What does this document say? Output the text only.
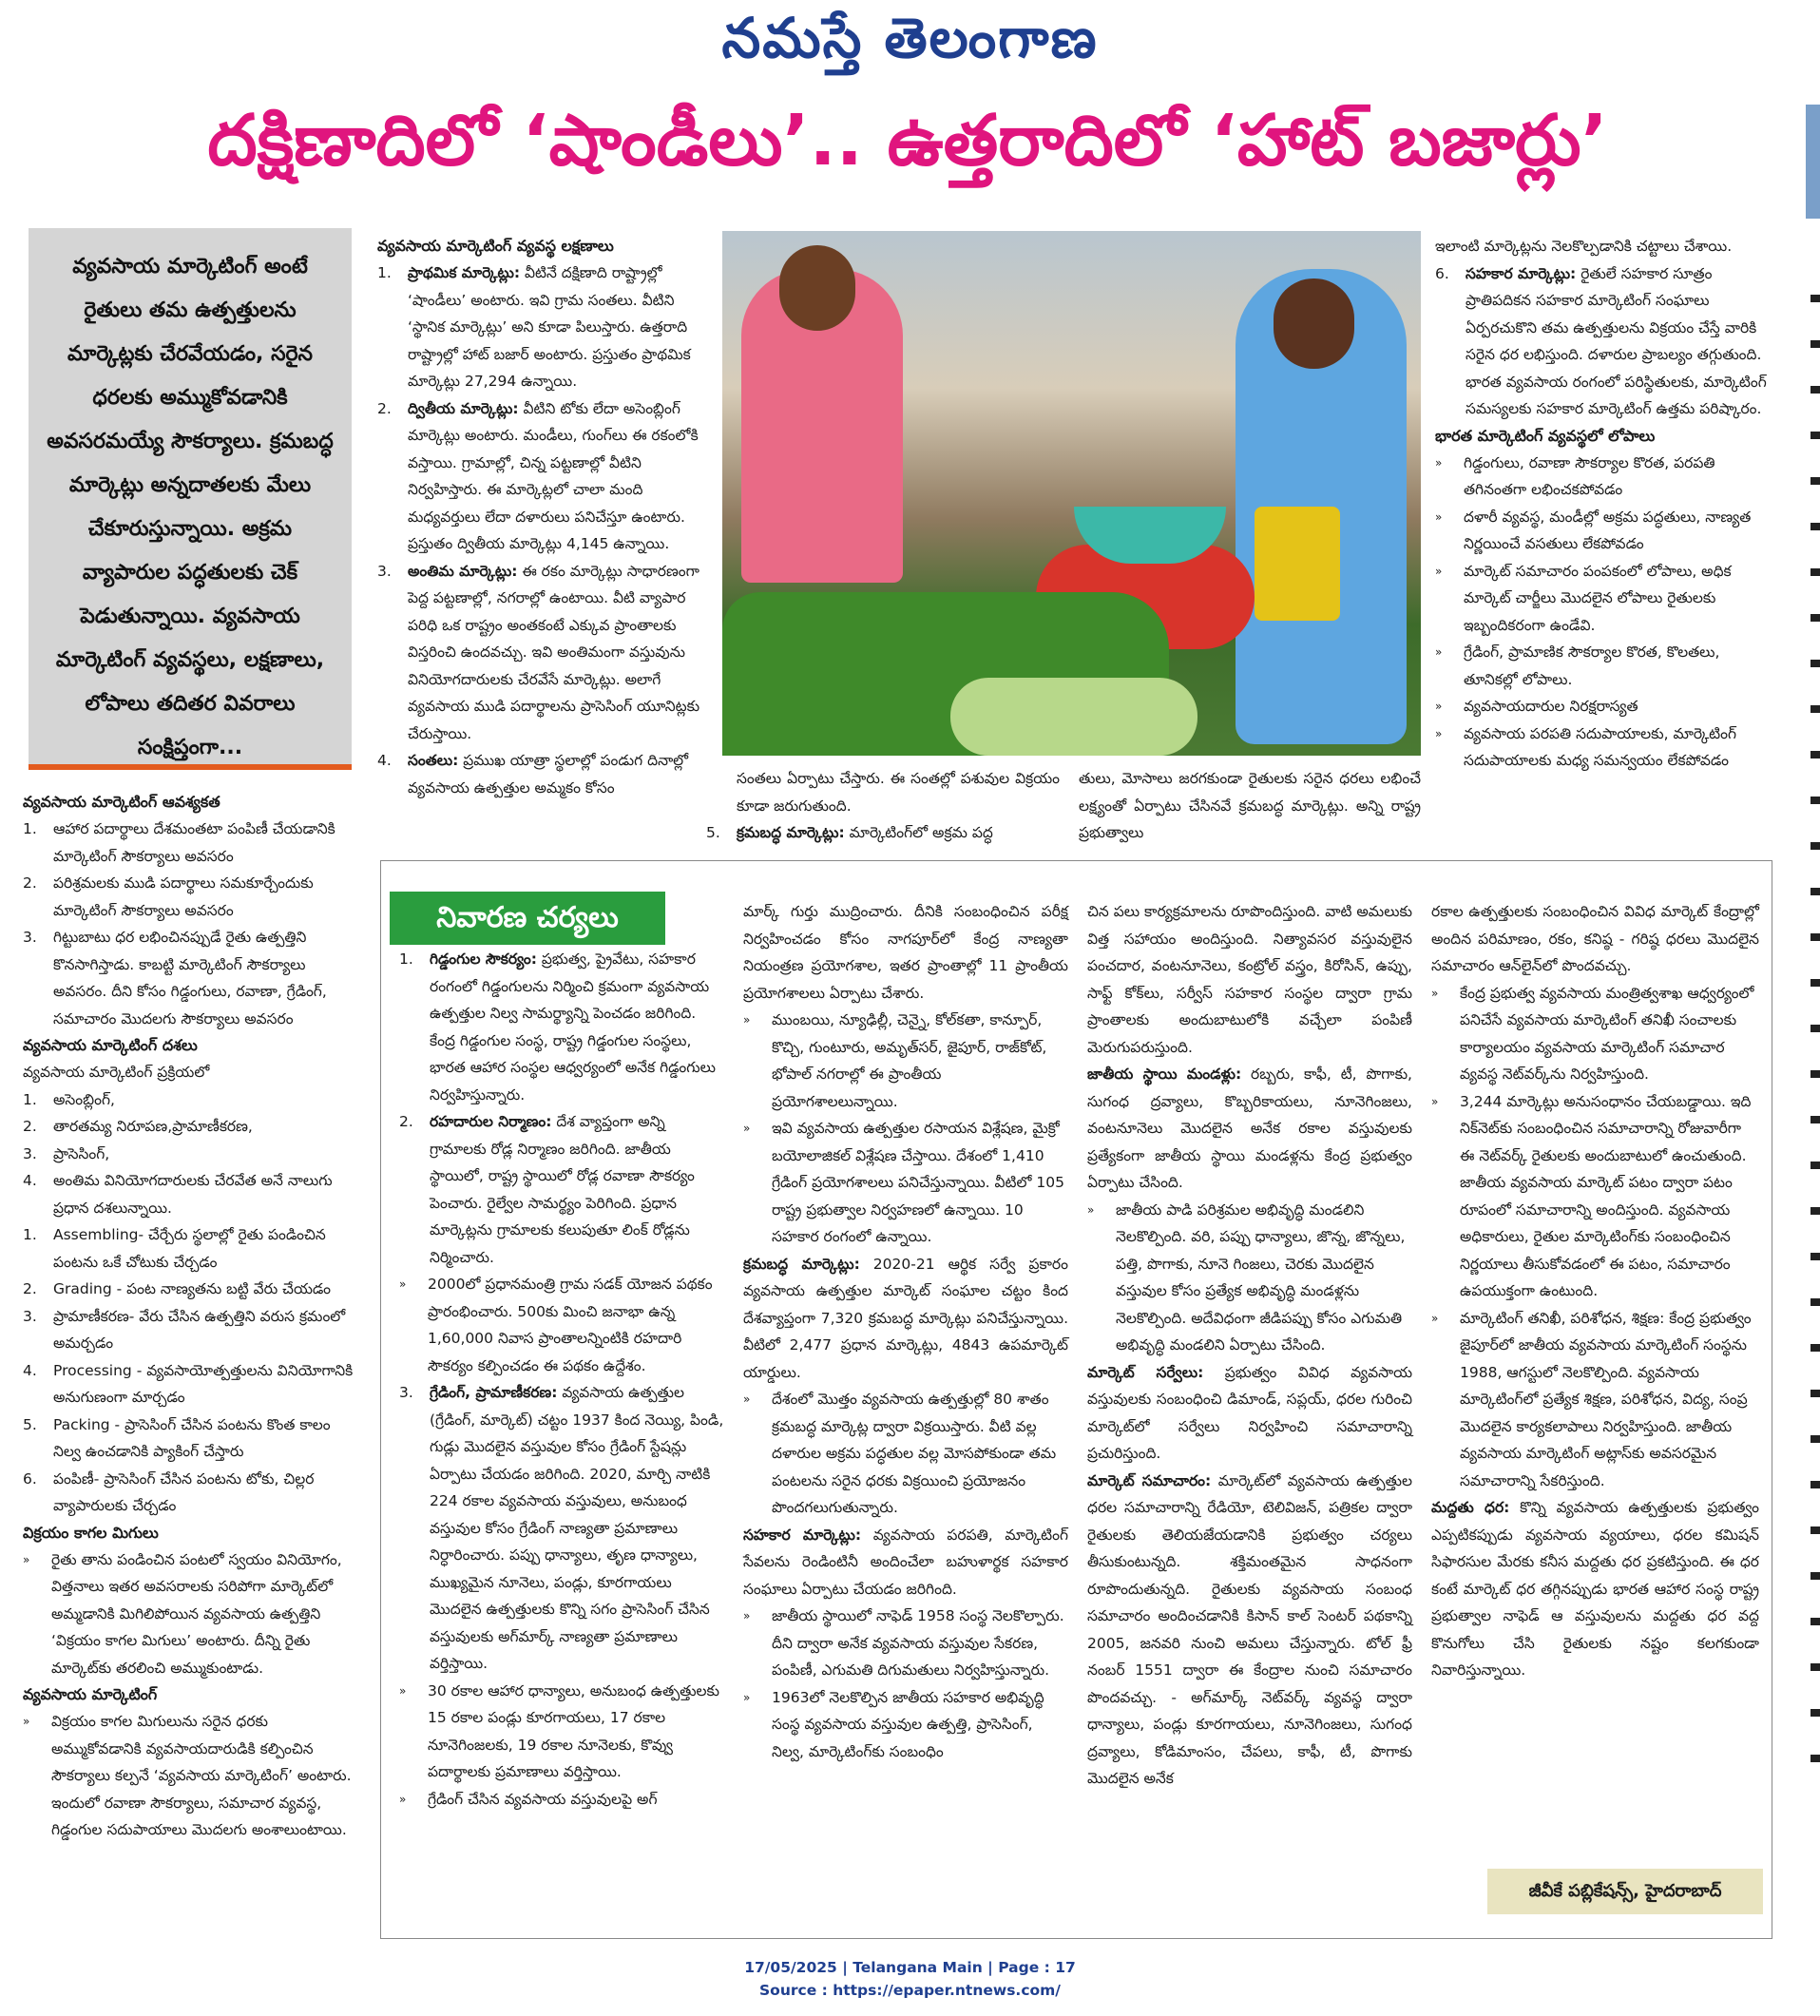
నమస్తే తెలంగాణ
దక్షిణాదిలో ‘షాండీలు’.. ఉత్తరాదిలో ‘హాట్ బజార్లు’
వ్యవసాయ మార్కెటింగ్ అంటే రైతులు తమ ఉత్పత్తులను మార్కెట్లకు చేరవేయడం, సరైన ధరలకు అమ్ముకోవడానికి అవసరమయ్యే సౌకర్యాలు. క్రమబద్ధ మార్కెట్లు అన్నదాతలకు మేలు చేకూరుస్తున్నాయి. అక్రమ వ్యాపారుల పద్ధతులకు చెక్ పెడుతున్నాయి. వ్యవసాయ మార్కెటింగ్ వ్యవస్థలు, లక్షణాలు, లోపాలు తదితర వివరాలు సంక్షిప్తంగా...
వ్యవసాయ మార్కెటింగ్ ఆవశ్యకత
1.	ఆహార పదార్థాలు దేశమంతటా పంపిణీ చేయడానికి మార్కెటింగ్ సౌకర్యాలు అవసరం
2.	పరిశ్రమలకు ముడి పదార్థాలు సమకూర్చేందుకు మార్కెటింగ్ సౌకర్యాలు అవసరం
3.	గిట్టుబాటు ధర లభించినప్పుడే రైతు ఉత్పత్తిని కొనసాగిస్తాడు. కాబట్టి మార్కెటింగ్ సౌకర్యాలు అవసరం. దీని కోసం గిడ్డంగులు, రవాణా, గ్రేడింగ్, సమాచారం మొదలగు సౌకర్యాలు అవసరం
వ్యవసాయ మార్కెటింగ్ దశలు

వ్యవసాయ మార్కెటింగ్ ప్రక్రియలో

1.	అసెంబ్లింగ్,
2.	తారతమ్య నిరూపణ,ప్రామాణీకరణ,
3.	ప్రాసెసింగ్,
4.	అంతిమ వినియోగదారులకు చేరవేత అనే నాలుగు ప్రధాన దశలున్నాయి.
1.	Assembling- చేర్చేరు స్థలాల్లో రైతు పండించిన పంటను ఒకే చోటుకు చేర్చడం
2.	Grading - పంట నాణ్యతను బట్టి వేరు చేయడం
3.	ప్రామాణీకరణ- వేరు చేసిన ఉత్పత్తిని వరుస క్రమంలో అమర్చడం
4.	Processing - వ్యవసాయోత్పత్తులను వినియోగానికి అనుగుణంగా మార్చడం
5.	Packing - ప్రాసెసింగ్ చేసిన పంటను కొంత కాలం నిల్వ ఉంచడానికి ప్యాకింగ్ చేస్తారు
6.	పంపిణీ- ప్రాసెసింగ్ చేసిన పంటను టోకు, చిల్లర వ్యాపారులకు చేర్చడం
విక్రయం కాగల మిగులు
»	రైతు తాను పండించిన పంటలో స్వయం వినియోగం, విత్తనాలు ఇతర అవసరాలకు సరిపోగా మార్కెట్‌లో అమ్మడానికి మిగిలిపోయిన వ్యవసాయ ఉత్పత్తిని ‘విక్రయం కాగల మిగులు’ అంటారు. దీన్ని రైతు మార్కెట్‌కు తరలించి అమ్ముకుంటాడు.
వ్యవసాయ మార్కెటింగ్
»	విక్రయం కాగల మిగులును సరైన ధరకు అమ్ముకోవడానికి వ్యవసాయదారుడికి కల్పించిన సౌకర్యాలు కల్పనే ‘వ్యవసాయ మార్కెటింగ్’ అంటారు. ఇందులో రవాణా సౌకర్యాలు, సమాచార వ్యవస్థ, గిడ్డంగుల సదుపాయాలు మొదలగు అంశాలుంటాయి.
వ్యవసాయ మార్కెటింగ్ వ్యవస్థ లక్షణాలు
1.	ప్రాథమిక మార్కెట్లు: వీటినే దక్షిణాది రాష్ట్రాల్లో ‘షాండీలు’ అంటారు. ఇవి గ్రామ సంతలు. వీటిని ‘స్థానిక మార్కెట్లు’ అని కూడా పిలుస్తారు. ఉత్తరాది రాష్ట్రాల్లో హాట్ బజార్ అంటారు. ప్రస్తుతం ప్రాథమిక మార్కెట్లు 27,294 ఉన్నాయి.
2.	ద్వితీయ మార్కెట్లు: వీటిని టోకు లేదా అసెంబ్లింగ్ మార్కెట్లు అంటారు. మండీలు, గుంగ్‌లు ఈ రకంలోకి వస్తాయి. గ్రామాల్లో, చిన్న పట్టణాల్లో వీటిని నిర్వహిస్తారు. ఈ మార్కెట్లలో చాలా మంది మధ్యవర్తులు లేదా దళారులు పనిచేస్తూ ఉంటారు. ప్రస్తుతం ద్వితీయ మార్కెట్లు 4,145 ఉన్నాయి.
3.	అంతిమ మార్కెట్లు: ఈ రకం మార్కెట్లు సాధారణంగా పెద్ద పట్టణాల్లో, నగరాల్లో ఉంటాయి. వీటి వ్యాపార పరిధి ఒక రాష్ట్రం అంతకంటే ఎక్కువ ప్రాంతాలకు విస్తరించి ఉందవచ్చు. ఇవి అంతిమంగా వస్తువును వినియోగదారులకు చేరవేసే మార్కెట్లు. అలాగే వ్యవసాయ ముడి పదార్థాలను ప్రాసెసింగ్ యూనిట్లకు చేరుస్తాయి.
4.	సంతలు: ప్రముఖ యాత్రా స్థలాల్లో పండుగ దినాల్లో వ్యవసాయ ఉత్పత్తుల అమ్మకం కోసం

సంతలు ఏర్పాటు చేస్తారు. ఈ సంతల్లో పశువుల విక్రయం కూడా జరుగుతుంది.

5.	క్రమబద్ధ మార్కెట్లు: మార్కెటింగ్‌లో అక్రమ పద్ధ

తులు, మోసాలు జరగకుండా రైతులకు సరైన ధరలు లభించే లక్ష్యంతో ఏర్పాటు చేసినవే క్రమబద్ధ మార్కెట్లు. అన్ని రాష్ట్ర ప్రభుత్వాలు

ఇలాంటి మార్కెట్లను నెలకొల్పడానికి చట్టాలు చేశాయి.

6.	సహకార మార్కెట్లు: రైతులే సహకార సూత్రం ప్రాతిపదికన సహకార మార్కెటింగ్ సంఘాలు ఏర్పరచుకొని తమ ఉత్పత్తులను విక్రయం చేస్తే వారికి సరైన ధర లభిస్తుంది. దళారుల ప్రాబల్యం తగ్గుతుంది. భారత వ్యవసాయ రంగంలో పరిస్థితులకు, మార్కెటింగ్ సమస్యలకు సహకార మార్కెటింగ్ ఉత్తమ పరిష్కారం.
భారత మార్కెటింగ్ వ్యవస్థలో లోపాలు
»	గిడ్డంగులు, రవాణా సౌకర్యాల కొరత, పరపతి తగినంతగా లభించకపోవడం
»	దళారీ వ్యవస్థ, మండీల్లో అక్రమ పద్ధతులు, నాణ్యత నిర్ణయించే వసతులు లేకపోవడం
»	మార్కెట్ సమాచారం పంపకంలో లోపాలు, అధిక మార్కెట్ చార్జీలు మొదలైన లోపాలు రైతులకు ఇబ్బందికరంగా ఉండేవి.
»	గ్రేడింగ్, ప్రామాణిక సౌకర్యాల కొరత, కొలతలు, తూనికల్లో లోపాలు.
»	వ్యవసాయదారుల నిరక్షరాస్యత
»	వ్యవసాయ పరపతి సదుపాయాలకు, మార్కెటింగ్ సదుపాయాలకు మధ్య సమన్వయం లేకపోవడం
నివారణ చర్యలు
1.	గిడ్డంగుల సౌకర్యం: ప్రభుత్వ, ప్రైవేటు, సహకార రంగంలో గిడ్డంగులను నిర్మించి క్రమంగా వ్యవసాయ ఉత్పత్తుల నిల్వ సామర్థ్యాన్ని పెంచడం జరిగింది. కేంద్ర గిడ్డంగుల సంస్థ, రాష్ట్ర గిడ్డంగుల సంస్థలు, భారత ఆహార సంస్థల ఆధ్వర్యంలో అనేక గిడ్డంగులు నిర్వహిస్తున్నారు.
2.	రహదారుల నిర్మాణం: దేశ వ్యాప్తంగా అన్ని గ్రామాలకు రోడ్ల నిర్మాణం జరిగింది. జాతీయ స్థాయిలో, రాష్ట్ర స్థాయిలో రోడ్ల రవాణా సౌకర్యం పెంచారు. రైల్వేల సామర్థ్యం పెరిగింది. ప్రధాన మార్కెట్లను గ్రామాలకు కలుపుతూ లింక్ రోడ్లను నిర్మించారు.
»	2000లో ప్రధానమంత్రి గ్రామ సడక్ యోజన పథకం ప్రారంభించారు. 500కు మించి జనాభా ఉన్న 1,60,000 నివాస ప్రాంతాలన్నింటికి రహదారి సౌకర్యం కల్పించడం ఈ పథకం ఉద్దేశం.
3.	గ్రేడింగ్, ప్రామాణీకరణ: వ్యవసాయ ఉత్పత్తుల (గ్రేడింగ్, మార్కెట్) చట్టం 1937 కింద నెయ్యి, పిండి, గుడ్లు మొదలైన వస్తువుల కోసం గ్రేడింగ్ స్టేషన్లు ఏర్పాటు చేయడం జరిగింది. 2020, మార్చి నాటికి 224 రకాల వ్యవసాయ వస్తువులు, అనుబంధ వస్తువుల కోసం గ్రేడింగ్ నాణ్యతా ప్రమాణాలు నిర్ధారించారు. పప్పు ధాన్యాలు, తృణ ధాన్యాలు, ముఖ్యమైన నూనెలు, పండ్లు, కూరగాయలు మొదలైన ఉత్పత్తులకు కొన్ని సగం ప్రాసెసింగ్ చేసిన వస్తువులకు అగ్‌మార్క్ నాణ్యతా ప్రమాణాలు వర్తిస్తాయి.
»	30 రకాల ఆహార ధాన్యాలు, అనుబంధ ఉత్పత్తులకు 15 రకాల పండ్లు కూరగాయలు, 17 రకాల నూనెగింజలకు, 19 రకాల నూనెలకు, కొవ్వు పదార్థాలకు ప్రమాణాలు వర్తిస్తాయి.
»	గ్రేడింగ్ చేసిన వ్యవసాయ వస్తువులపై అగ్

మార్క్ గుర్తు ముద్రించారు. దీనికి సంబంధించిన పరీక్ష నిర్వహించడం కోసం నాగపూర్‌లో కేంద్ర నాణ్యతా నియంత్రణ ప్రయోగశాల, ఇతర ప్రాంతాల్లో 11 ప్రాంతీయ ప్రయోగశాలలు ఏర్పాటు చేశారు.

»	ముంబయి, న్యూఢిల్లీ, చెన్నై, కోల్‌కతా, కాన్పూర్, కొచ్చి, గుంటూరు, అమృత్‌సర్, జైపూర్, రాజ్‌కోట్, భోపాల్ నగరాల్లో ఈ ప్రాంతీయ ప్రయోగశాలలున్నాయి.
»	ఇవి వ్యవసాయ ఉత్పత్తుల రసాయన విశ్లేషణ, మైక్రో బయోలాజికల్ విశ్లేషణ చేస్తాయి. దేశంలో 1,410 గ్రేడింగ్ ప్రయోగశాలలు పనిచేస్తున్నాయి. వీటిలో 105 రాష్ట్ర ప్రభుత్వాల నిర్వహణలో ఉన్నాయి. 10 సహకార రంగంలో ఉన్నాయి.

క్రమబద్ధ మార్కెట్లు: 2020-21 ఆర్థిక సర్వే ప్రకారం వ్యవసాయ ఉత్పత్తుల మార్కెట్ సంఘాల చట్టం కింద దేశవ్యాప్తంగా 7,320 క్రమబద్ధ మార్కెట్లు పనిచేస్తున్నాయి. వీటిలో 2,477 ప్రధాన మార్కెట్లు, 4843 ఉపమార్కెట్ యార్డులు.

»	దేశంలో మొత్తం వ్యవసాయ ఉత్పత్తుల్లో 80 శాతం క్రమబద్ధ మార్కెట్ల ద్వారా విక్రయిస్తారు. వీటి వల్ల దళారుల అక్రమ పద్ధతుల వల్ల మోసపోకుండా తమ పంటలను సరైన ధరకు విక్రయించి ప్రయోజనం పొందగలుగుతున్నారు.

సహకార మార్కెట్లు: వ్యవసాయ పరపతి, మార్కెటింగ్ సేవలను రెండింటినీ అందించేలా బహుళార్థక సహకార సంఘాలు ఏర్పాటు చేయడం జరిగింది.

»	జాతీయ స్థాయిలో నాఫెడ్ 1958 సంస్థ నెలకొల్పారు. దీని ద్వారా అనేక వ్యవసాయ వస్తువుల సేకరణ, పంపిణీ, ఎగుమతి దిగుమతులు నిర్వహిస్తున్నారు.
»	1963లో నెలకొల్పిన జాతీయ సహకార అభివృద్ధి సంస్థ వ్యవసాయ వస్తువుల ఉత్పత్తి, ప్రాసెసింగ్, నిల్వ, మార్కెటింగ్‌కు సంబంధిం

చిన పలు కార్యక్రమాలను రూపొందిస్తుంది. వాటి అమలుకు విత్త సహాయం అందిస్తుంది. నిత్యావసర వస్తువులైన పంచదార, వంటనూనెలు, కంట్రోల్ వస్త్రం, కిరోసిన్, ఉప్పు, సాఫ్ట్ కోక్‌లు, సర్వీస్ సహకార సంస్థల ద్వారా గ్రామ ప్రాంతాలకు అందుబాటులోకి వచ్చేలా పంపిణీ మెరుగుపరుస్తుంది.

జాతీయ స్థాయి మండళ్లు: రబ్బరు, కాఫీ, టీ, పొగాకు, సుగంధ ద్రవ్యాలు, కొబ్బరికాయలు, నూనెగింజలు, వంటనూనెలు మొదలైన అనేక రకాల వస్తువులకు ప్రత్యేకంగా జాతీయ స్థాయి మండళ్లను కేంద్ర ప్రభుత్వం ఏర్పాటు చేసింది.

»	జాతీయ పాడి పరిశ్రమల అభివృద్ధి మండలిని నెలకొల్పింది. వరి, పప్పు ధాన్యాలు, జొన్న, జొన్నలు, పత్తి, పొగాకు, నూనె గింజలు, చెరకు మొదలైన వస్తువుల కోసం ప్రత్యేక అభివృద్ధి మండళ్లను నెలకొల్పింది. అదేవిధంగా జీడిపప్పు కోసం ఎగుమతి అభివృద్ధి మండలిని ఏర్పాటు చేసింది.

మార్కెట్ సర్వేలు: ప్రభుత్వం వివిధ వ్యవసాయ వస్తువులకు సంబంధించి డిమాండ్, సప్లయ్, ధరల గురించి మార్కెట్‌లో సర్వేలు నిర్వహించి సమాచారాన్ని ప్రచురిస్తుంది.

మార్కెట్ సమాచారం: మార్కెట్‌లో వ్యవసాయ ఉత్పత్తుల ధరల సమాచారాన్ని రేడియో, టెలివిజన్, పత్రికల ద్వారా రైతులకు తెలియజేయడానికి ప్రభుత్వం చర్యలు తీసుకుంటున్నది. శక్తిమంతమైన సాధనంగా రూపొందుతున్నది. రైతులకు వ్యవసాయ సంబంధ సమాచారం అందించడానికి కిసాన్ కాల్ సెంటర్ పథకాన్ని 2005, జనవరి నుంచి అమలు చేస్తున్నారు. టోల్ ఫ్రీ నంబర్ 1551 ద్వారా ఈ కేంద్రాల నుంచి సమాచారం పొందవచ్చు. - అగ్‌మార్క్ నెట్‌వర్క్ వ్యవస్థ ద్వారా ధాన్యాలు, పండ్లు కూరగాయలు, నూనెగింజలు, సుగంధ ద్రవ్యాలు, కోడిమాంసం, చేపలు, కాఫీ, టీ, పొగాకు మొదలైన అనేక

రకాల ఉత్పత్తులకు సంబంధించిన వివిధ మార్కెట్ కేంద్రాల్లో అందిన పరిమాణం, రకం, కనిష్ఠ - గరిష్ఠ ధరలు మొదలైన సమాచారం ఆన్‌లైన్‌లో పొందవచ్చు.

»	కేంద్ర ప్రభుత్వ వ్యవసాయ మంత్రిత్వశాఖ ఆధ్వర్యంలో పనిచేసే వ్యవసాయ మార్కెటింగ్ తనిఖీ సంచాలకు కార్యాలయం వ్యవసాయ మార్కెటింగ్ సమాచార వ్యవస్థ నెట్‌వర్క్‌ను నిర్వహిస్తుంది.
»	3,244 మార్కెట్లు అనుసంధానం చేయబడ్డాయి. ఇది నిక్‌నెట్‌కు సంబంధించిన సమాచారాన్ని రోజువారీగా ఈ నెట్‌వర్క్ రైతులకు అందుబాటులో ఉంచుతుంది. జాతీయ వ్యవసాయ మార్కెట్ పటం ద్వారా పటం రూపంలో సమాచారాన్ని అందిస్తుంది. వ్యవసాయ అధికారులు, రైతుల మార్కెటింగ్‌కు సంబంధించిన నిర్ణయాలు తీసుకోవడంలో ఈ పటం, సమాచారం ఉపయుక్తంగా ఉంటుంది.
»	మార్కెటింగ్ తనిఖీ, పరిశోధన, శిక్షణ: కేంద్ర ప్రభుత్వం జైపూర్‌లో జాతీయ వ్యవసాయ మార్కెటింగ్ సంస్థను 1988, ఆగస్టులో నెలకొల్పింది. వ్యవసాయ మార్కెటింగ్‌లో ప్రత్యేక శిక్షణ, పరిశోధన, విద్య, సంప్ర మొదలైన కార్యకలాపాలు నిర్వహిస్తుంది. జాతీయ వ్యవసాయ మార్కెటింగ్ అట్లాస్‌కు అవసరమైన సమాచారాన్ని సేకరిస్తుంది.

మద్దతు ధర: కొన్ని వ్యవసాయ ఉత్పత్తులకు ప్రభుత్వం ఎప్పటికప్పుడు వ్యవసాయ వ్యయాలు, ధరల కమిషన్ సిఫారసుల మేరకు కనీస మద్దతు ధర ప్రకటిస్తుంది. ఈ ధర కంటే మార్కెట్ ధర తగ్గినప్పుడు భారత ఆహార సంస్థ రాష్ట్ర ప్రభుత్వాల నాఫెడ్ ఆ వస్తువులను మద్దతు ధర వద్ద కొనుగోలు చేసి రైతులకు నష్టం కలగకుండా నివారిస్తున్నాయి.

జీవీకే పబ్లికేషన్స్, హైదరాబాద్
17/05/2025 | Telangana Main | Page : 17
Source : https://epaper.ntnews.com/
